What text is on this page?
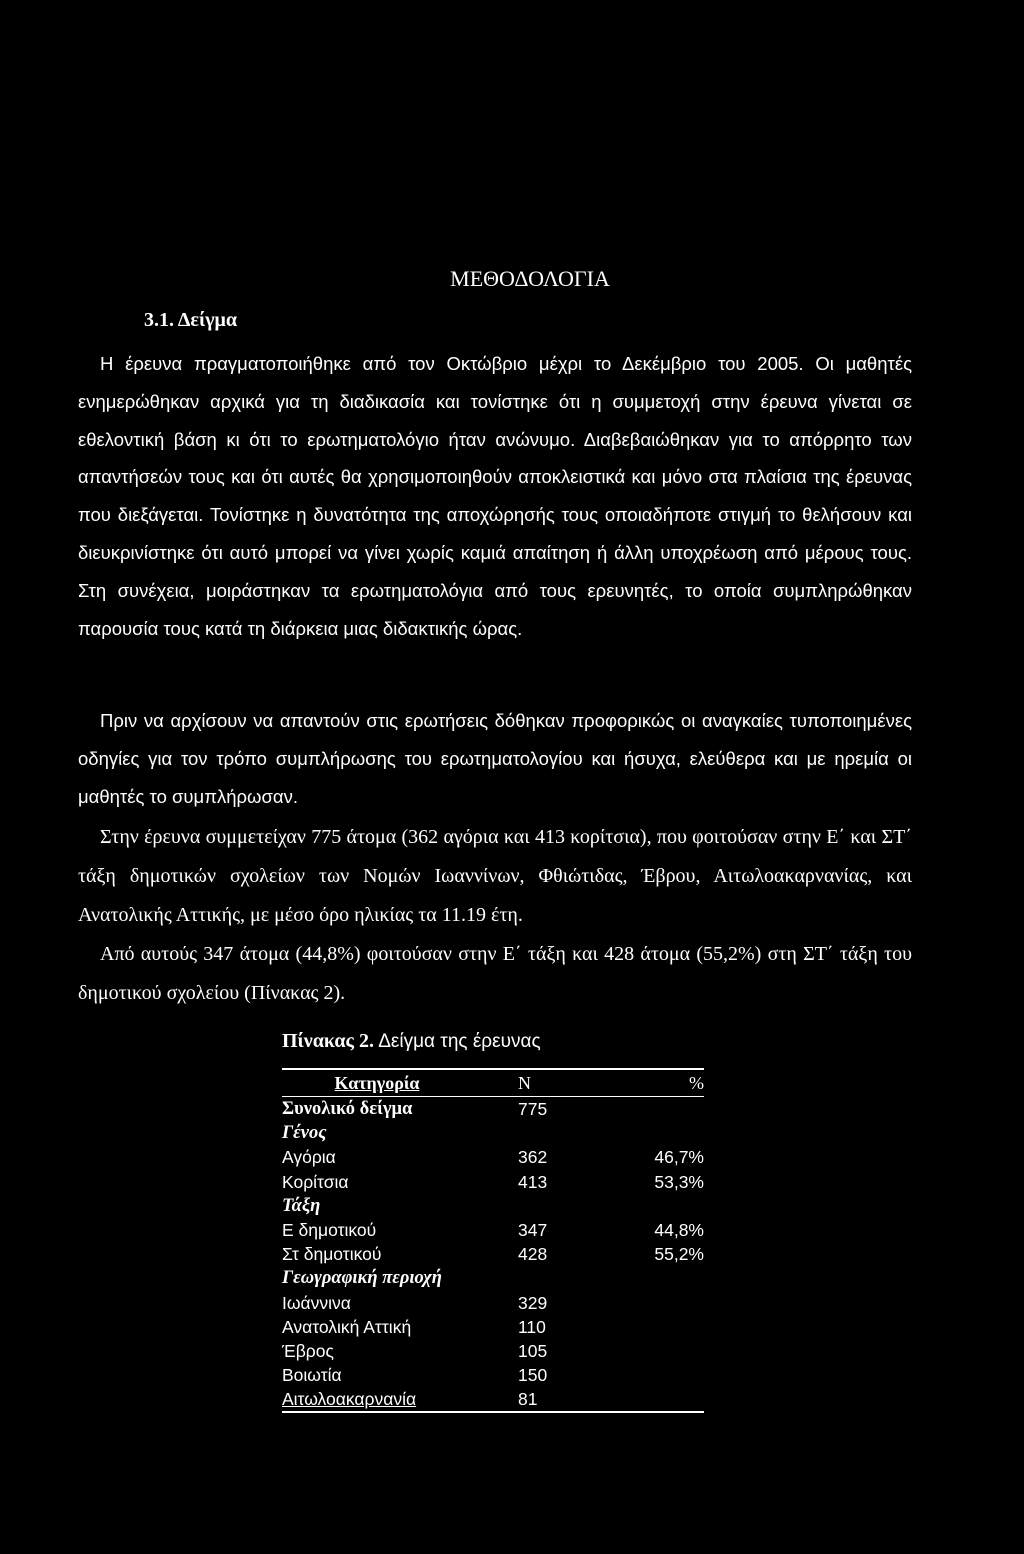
ΜΕΘΟΔΟΛΟΓΙΑ
3.1. Δείγμα

Η έρευνα πραγματοποιήθηκε από τον Οκτώβριο μέχρι το Δεκέμβριο του 2005. Οι μαθητές ενημερώθηκαν αρχικά για τη διαδικασία και τονίστηκε ότι η συμμετοχή στην έρευνα γίνεται σε εθελοντική βάση κι ότι το ερωτηματολόγιο ήταν ανώνυμο. Διαβεβαιώθηκαν για το απόρρητο των απαντήσεών τους και ότι αυτές θα χρησιμοποιηθούν αποκλειστικά και μόνο στα πλαίσια της έρευνας που διεξάγεται. Τονίστηκε η δυνατότητα της αποχώρησής τους οποιαδήποτε στιγμή το θελήσουν και διευκρινίστηκε ότι αυτό μπορεί να γίνει χωρίς καμιά απαίτηση ή άλλη υποχρέωση από μέρους τους. Στη συνέχεια, μοιράστηκαν τα ερωτηματολόγια από τους ερευνητές, το οποία συμπληρώθηκαν παρουσία τους κατά τη διάρκεια μιας διδακτικής ώρας.

Πριν να αρχίσουν να απαντούν στις ερωτήσεις δόθηκαν προφορικώς οι αναγκαίες τυποποιημένες οδηγίες για τον τρόπο συμπλήρωσης του ερωτηματολογίου και ήσυχα, ελεύθερα και με ηρεμία οι μαθητές το συμπλήρωσαν.

Στην έρευνα συμμετείχαν 775 άτομα (362 αγόρια και 413 κορίτσια), που φοιτούσαν στην Ε΄ και ΣΤ΄ τάξη δημοτικών σχολείων των Νομών Ιωαννίνων, Φθιώτιδας, Έβρου, Αιτωλοακαρνανίας, και Ανατολικής Αττικής, με μέσο όρο ηλικίας τα 11.19 έτη.

Από αυτούς 347 άτομα (44,8%) φοιτούσαν στην Ε΄ τάξη και 428 άτομα (55,2%) στη ΣΤ΄ τάξη του δημοτικού σχολείου (Πίνακας 2).

Πίνακας 2. Δείγμα της έρευνας
Κατηγορία	N	%
Συνολικό δείγμα	775	
Γένος		
Αγόρια	362	46,7%
Κορίτσια	413	53,3%
Τάξη		
Ε δημοτικού	347	44,8%
Στ δημοτικού	428	55,2%
Γεωγραφική περιοχή		
Ιωάννινα	329	
Ανατολική Αττική	110	
Έβρος	105	
Βοιωτία	150	
Αιτωλοακαρνανία	81	
